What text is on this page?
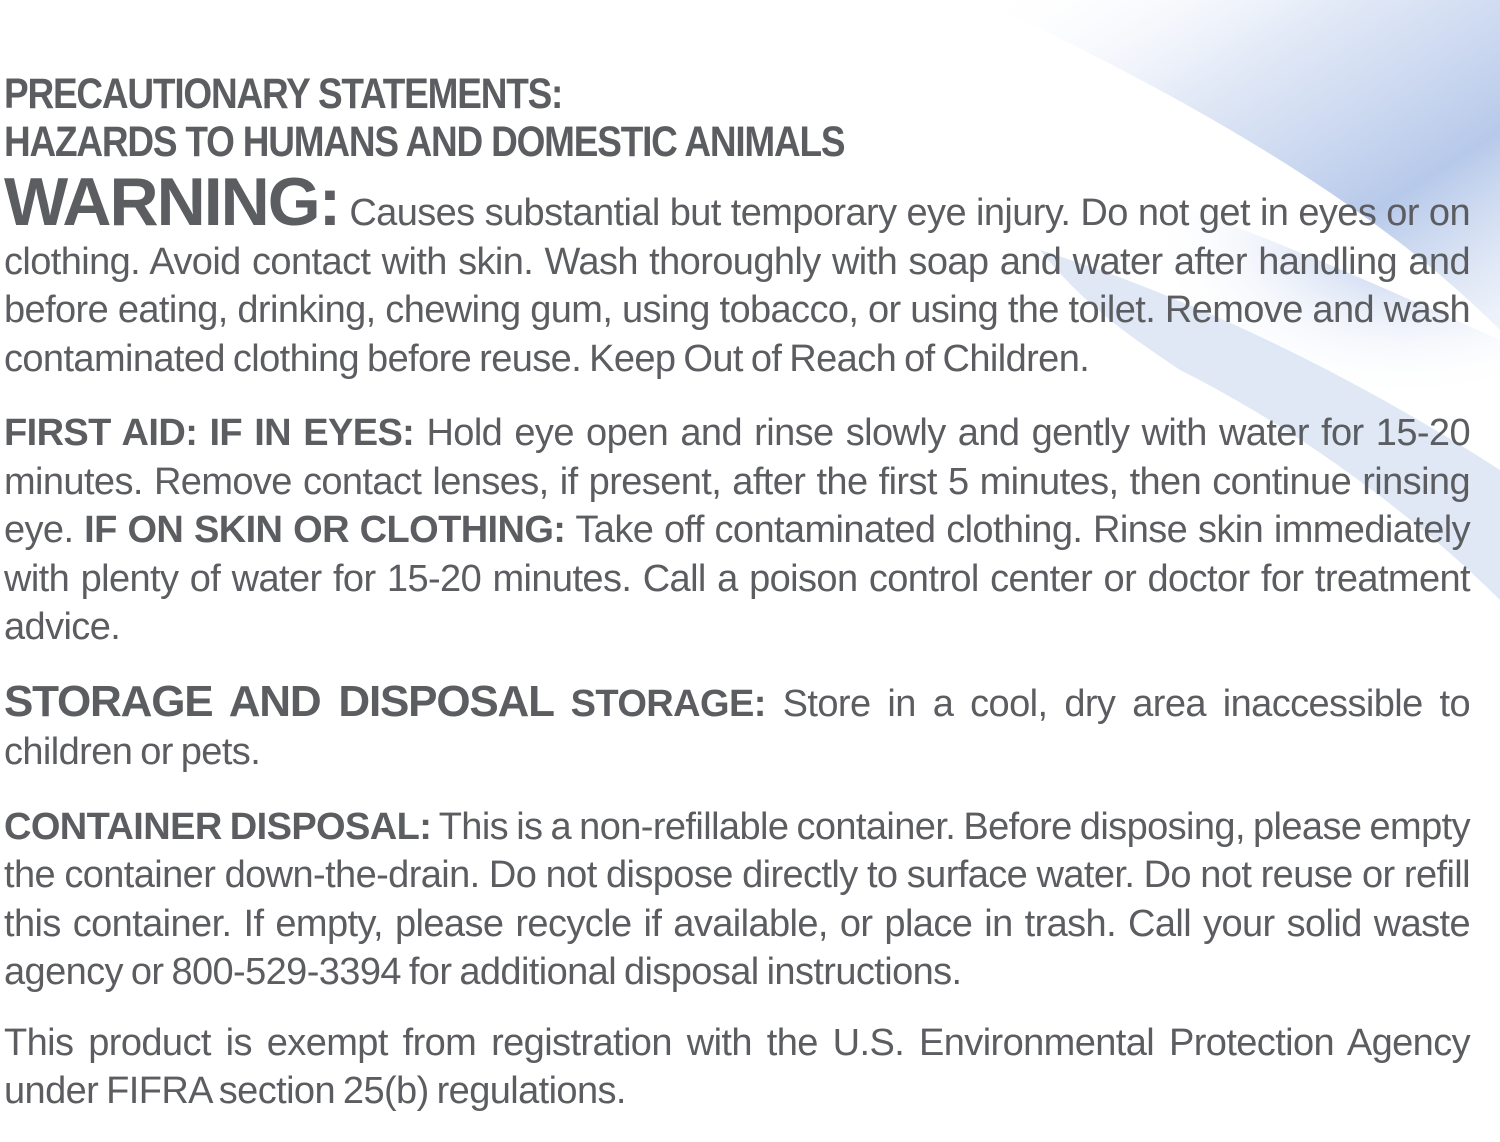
PRECAUTIONARY STATEMENTS:
HAZARDS TO HUMANS AND DOMESTIC ANIMALS
WARNING: Causes substantial but temporary eye injury. Do not get in eyes or on clothing. Avoid contact with skin. Wash thoroughly with soap and water after handling and before eating, drinking, chewing gum, using tobacco, or using the toilet. Remove and wash contaminated clothing before reuse. Keep Out of Reach of Children.
FIRST AID: IF IN EYES: Hold eye open and rinse slowly and gently with water for 15-20 minutes. Remove contact lenses, if present, after the first 5 minutes, then continue rinsing eye. IF ON SKIN OR CLOTHING: Take off contaminated clothing. Rinse skin immediately with plenty of water for 15-20 minutes. Call a poison control center or doctor for treatment advice.
STORAGE AND DISPOSAL STORAGE: Store in a cool, dry area inaccessible to children or pets.
CONTAINER DISPOSAL: This is a non-refillable container. Before disposing, please empty the container down-the-drain. Do not dispose directly to surface water. Do not reuse or refill this container. If empty, please recycle if available, or place in trash. Call your solid waste agency or 800-529-3394 for additional disposal instructions.
This product is exempt from registration with the U.S. Environmental Protection Agency under FIFRA section 25(b) regulations.
